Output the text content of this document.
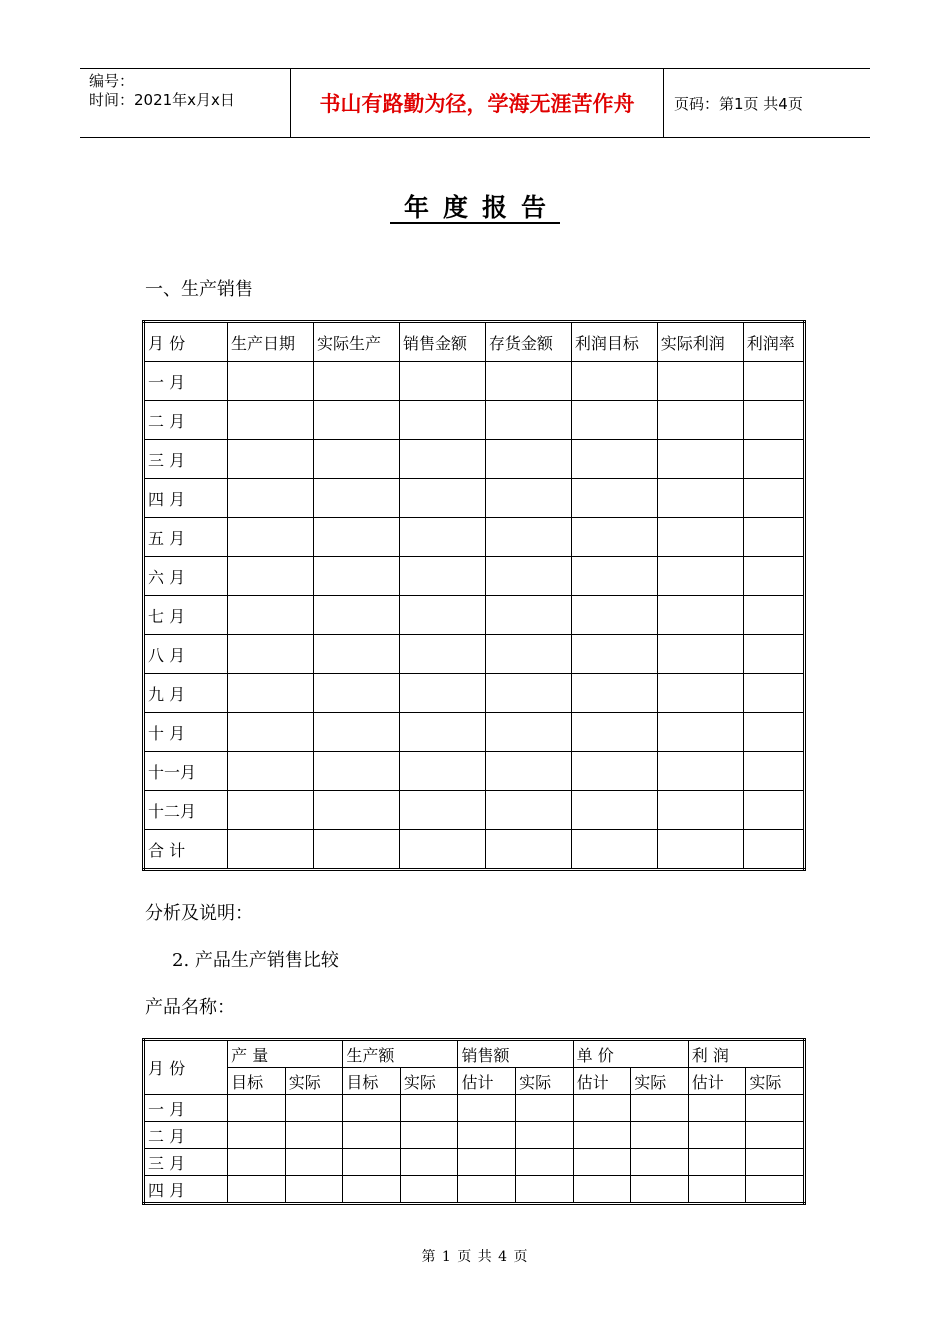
编号：
时间：2021年x月x日	书山有路勤为径，学海无涯苦作舟	页码：第1页 共4页
年度报告
一、生产销售
月 份	生产日期	实际生产	销售金额	存货金额	利润目标	实际利润	利润率
一 月							
二 月							
三 月							
四 月							
五 月							
六 月							
七 月							
八 月							
九 月							
十 月							
十一月							
十二月							
合 计							
分析及说明：
2. 产品生产销售比较
产品名称：
月 份	产 量		生产额		销售额		单 价		利 润	
	目标	实际	目标	实际	估计	实际	估计	实际	估计	实际
一 月										
二 月										
三 月										
四 月										
第 1 页 共 4 页
